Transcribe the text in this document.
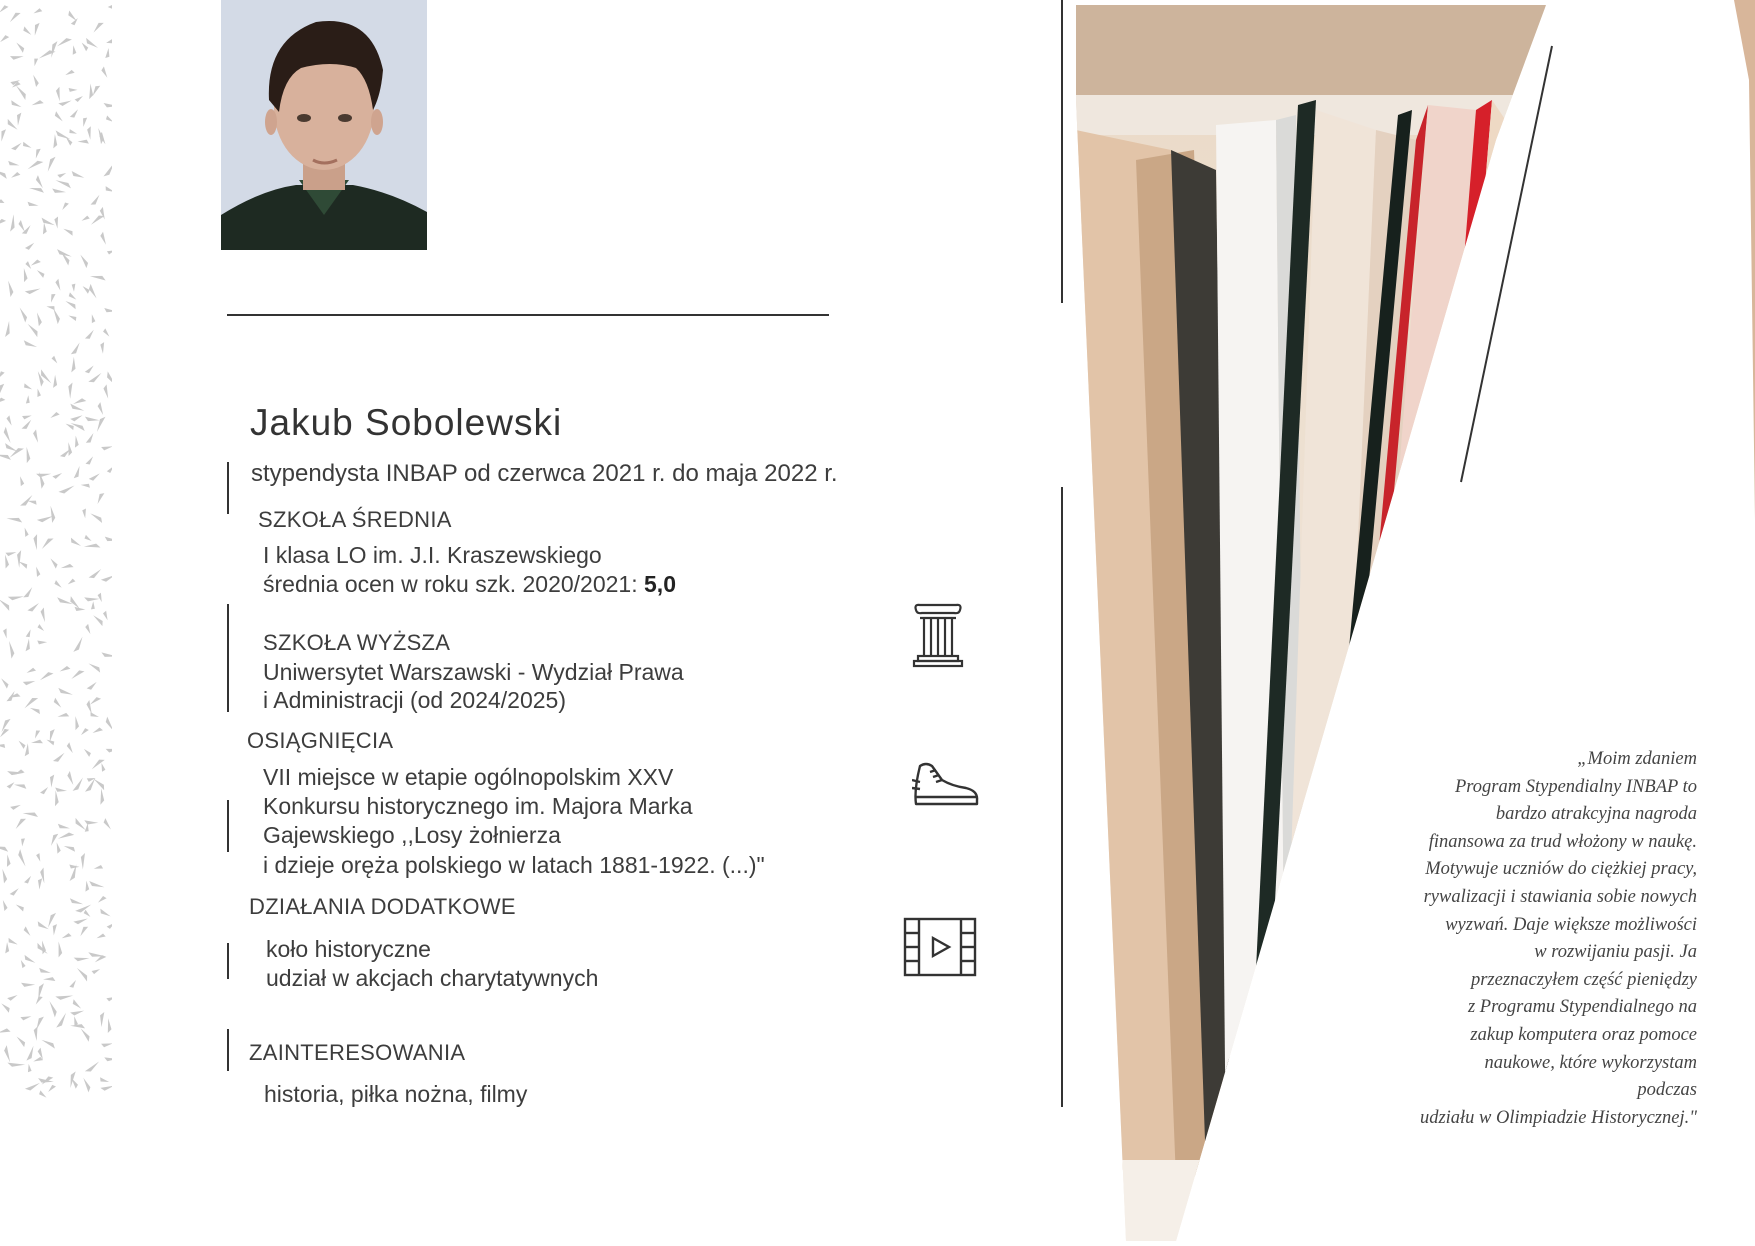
Jakub Sobolewski
stypendysta INBAP od czerwca 2021 r. do maja 2022 r.
SZKOŁA ŚREDNIA
I klasa LO im. J.I. Kraszewskiego
średnia ocen w roku szk. 2020/2021: 5,0
SZKOŁA WYŻSZA
Uniwersytet Warszawski - Wydział Prawa
i Administracji (od 2024/2025)
OSIĄGNIĘCIA
VII miejsce w etapie ogólnopolskim XXV
Konkursu historycznego im. Majora Marka
Gajewskiego ,,Losy żołnierza
i dzieje oręża polskiego w latach 1881-1922. (...)"
DZIAŁANIA DODATKOWE
koło historyczne
udział w akcjach charytatywnych
ZAINTERESOWANIA
historia, piłka nożna, filmy
„Moim zdaniem
Program Stypendialny INBAP to
bardzo atrakcyjna nagroda
finansowa za trud włożony w naukę.
Motywuje uczniów do ciężkiej pracy,
rywalizacji i stawiania sobie nowych
wyzwań. Daje większe możliwości
w rozwijaniu pasji. Ja
przeznaczyłem część pieniędzy
z Programu Stypendialnego na
zakup komputera oraz pomoce
naukowe, które wykorzystam
podczas
udziału w Olimpiadzie Historycznej."
